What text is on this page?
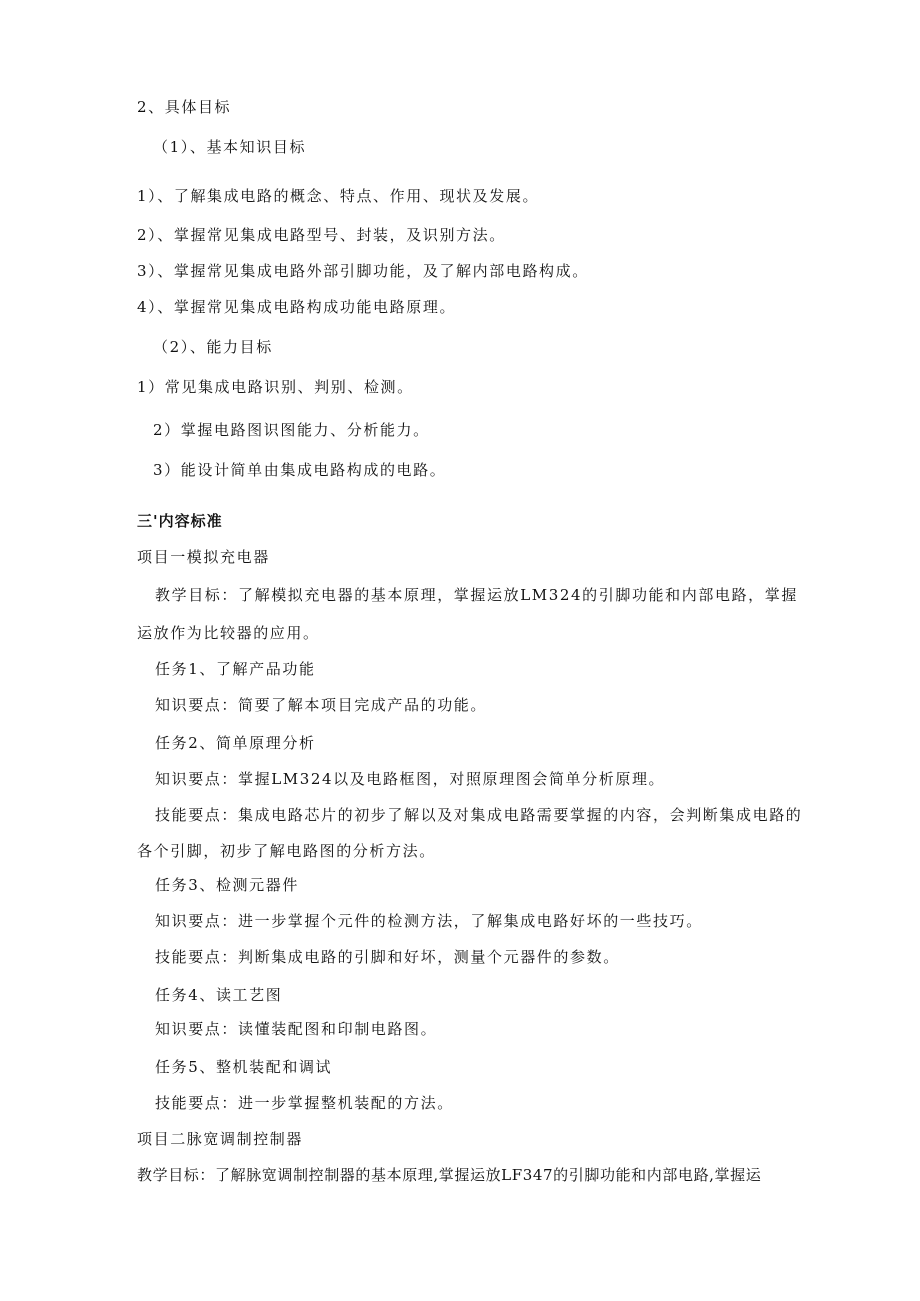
2、具体目标
（1）、基本知识目标
1）、了解集成电路的概念、特点、作用、现状及发展。
2）、掌握常见集成电路型号、封装，及识别方法。
3）、掌握常见集成电路外部引脚功能，及了解内部电路构成。
4）、掌握常见集成电路构成功能电路原理。
（2）、能力目标
1）常见集成电路识别、判别、检测。
2）掌握电路图识图能力、分析能力。
3）能设计简单由集成电路构成的电路。
三'内容标准
项目一模拟充电器
教学目标：了解模拟充电器的基本原理，掌握运放LM324的引脚功能和内部电路，掌握
运放作为比较器的应用。
任务1、了解产品功能
知识要点：简要了解本项目完成产品的功能。
任务2、简单原理分析
知识要点：掌握LM324以及电路框图，对照原理图会简单分析原理。
技能要点：集成电路芯片的初步了解以及对集成电路需要掌握的内容，会判断集成电路的
各个引脚，初步了解电路图的分析方法。
任务3、检测元器件
知识要点：进一步掌握个元件的检测方法，了解集成电路好坏的一些技巧。
技能要点：判断集成电路的引脚和好坏，测量个元器件的参数。
任务4、读工艺图
知识要点：读懂装配图和印制电路图。
任务5、整机装配和调试
技能要点：进一步掌握整机装配的方法。
项目二脉宽调制控制器
教学目标：了解脉宽调制控制器的基本原理,掌握运放LF347的引脚功能和内部电路,掌握运
